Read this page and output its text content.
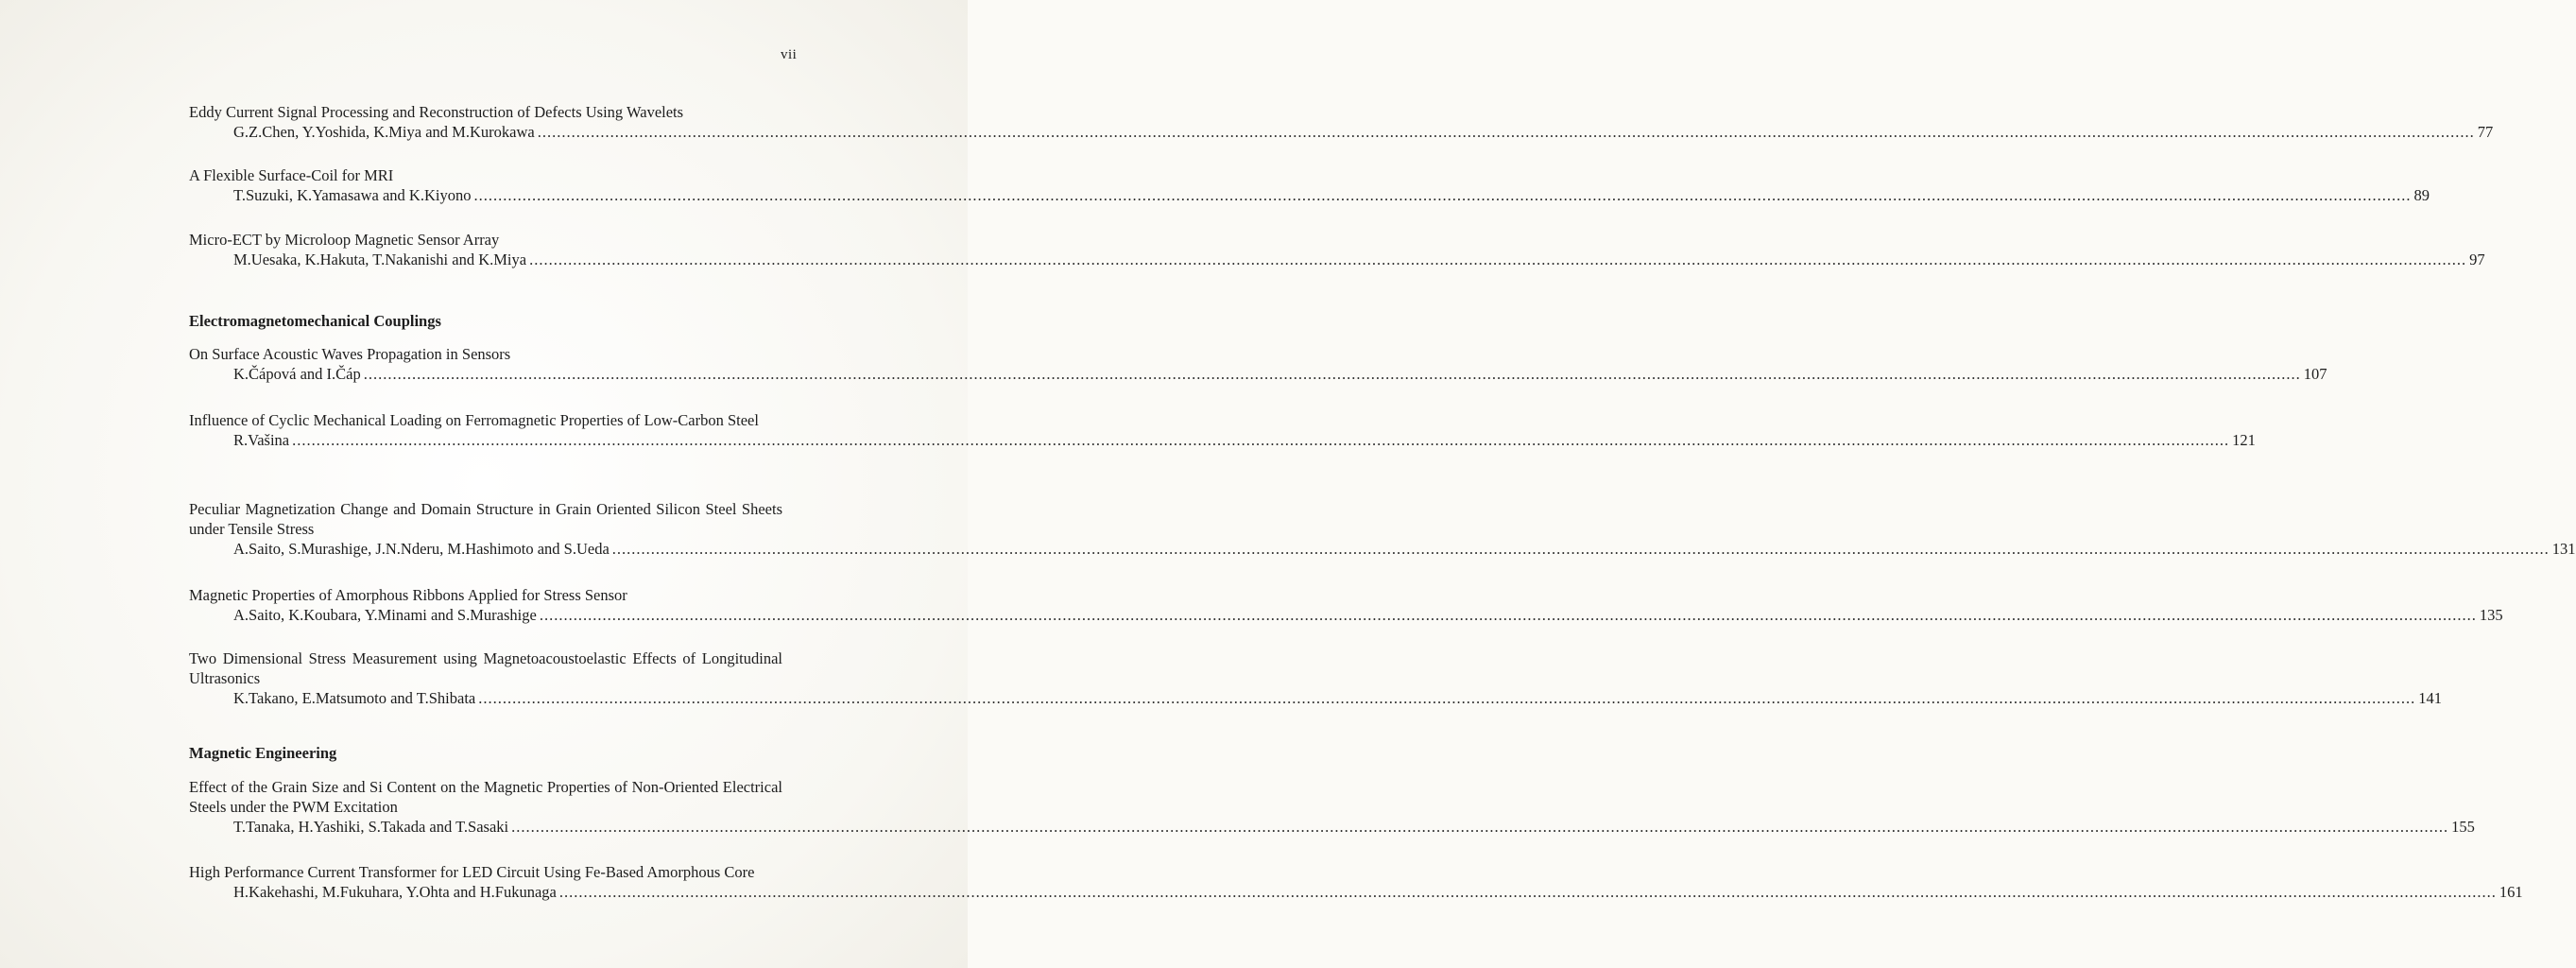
vii
Eddy Current Signal Processing and Reconstruction of Defects Using Wavelets
G.Z.Chen, Y.Yoshida, K.Miya and M.Kurokawa ................................................................................................................................................................................................................................................................................................................................................................................................................ 77
A Flexible Surface-Coil for MRI
T.Suzuki, K.Yamasawa and K.Kiyono ................................................................................................................................................................................................................................................................................................................................................................................................................ 89
Micro-ECT by Microloop Magnetic Sensor Array
M.Uesaka, K.Hakuta, T.Nakanishi and K.Miya ................................................................................................................................................................................................................................................................................................................................................................................................................ 97
Electromagnetomechanical Couplings
On Surface Acoustic Waves Propagation in Sensors
K.Čápová and I.Čáp ................................................................................................................................................................................................................................................................................................................................................................................................................ 107
Influence of Cyclic Mechanical Loading on Ferromagnetic Properties of Low-Carbon Steel
R.Vašina ................................................................................................................................................................................................................................................................................................................................................................................................................ 121
Peculiar Magnetization Change and Domain Structure in Grain Oriented Silicon Steel Sheets under Tensile Stress
A.Saito, S.Murashige, J.N.Nderu, M.Hashimoto and S.Ueda ................................................................................................................................................................................................................................................................................................................................................................................................................ 131
Magnetic Properties of Amorphous Ribbons Applied for Stress Sensor
A.Saito, K.Koubara, Y.Minami and S.Murashige ................................................................................................................................................................................................................................................................................................................................................................................................................ 135
Two Dimensional Stress Measurement using Magnetoacoustoelastic Effects of Longitudinal Ultrasonics
K.Takano, E.Matsumoto and T.Shibata ................................................................................................................................................................................................................................................................................................................................................................................................................ 141
Magnetic Engineering
Effect of the Grain Size and Si Content on the Magnetic Properties of Non-Oriented Electrical Steels under the PWM Excitation
T.Tanaka, H.Yashiki, S.Takada and T.Sasaki ................................................................................................................................................................................................................................................................................................................................................................................................................ 155
High Performance Current Transformer for LED Circuit Using Fe-Based Amorphous Core
H.Kakehashi, M.Fukuhara, Y.Ohta and H.Fukunaga ................................................................................................................................................................................................................................................................................................................................................................................................................ 161
